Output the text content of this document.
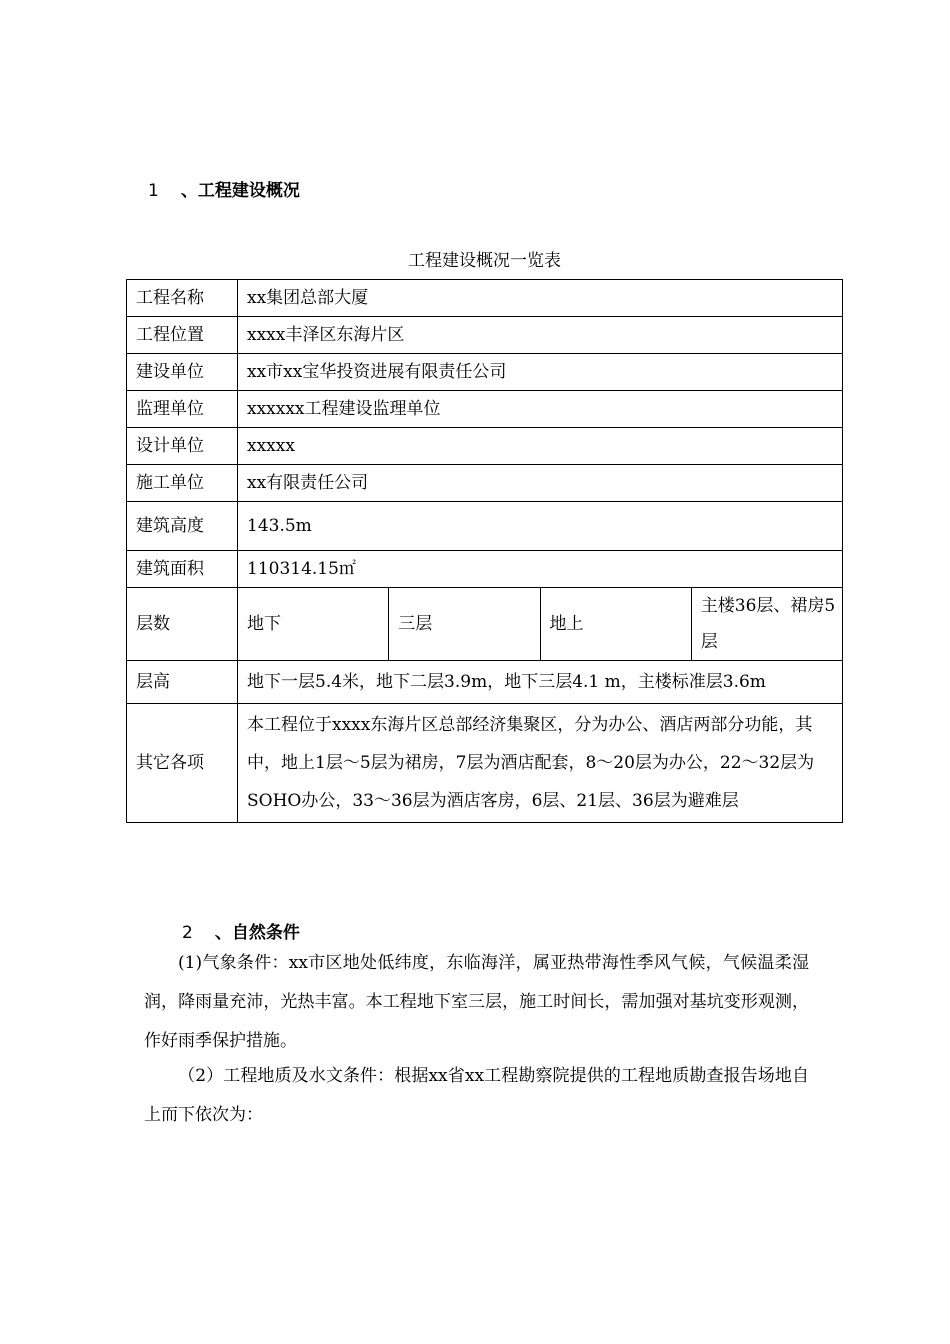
1 、工程建设概况
工程建设概况一览表
工程名称	xx集团总部大厦			
工程位置	xxxx丰泽区东海片区			
建设单位	xx市xx宝华投资进展有限责任公司			
监理单位	xxxxxx工程建设监理单位			
设计单位	xxxxx			
施工单位	xx有限责任公司			
建筑高度	143.5m			
建筑面积	110314.15㎡			
层数	地下	三层	地上	主楼36层、裙房5层
层高	地下一层5.4米，地下二层3.9m，地下三层4.1 m，主楼标准层3.6m			
其它各项	本工程位于xxxx东海片区总部经济集聚区，分为办公、酒店两部分功能，其中，地上1层～5层为裙房，7层为酒店配套，8～20层为办公，22～32层为SOHO办公，33～36层为酒店客房，6层、21层、36层为避难层			
2 、自然条件
(1)气象条件：xx市区地处低纬度，东临海洋，属亚热带海性季风气候，气候温柔湿润，降雨量充沛，光热丰富。本工程地下室三层，施工时间长，需加强对基坑变形观测，作好雨季保护措施。
（2）工程地质及水文条件：根据xx省xx工程勘察院提供的工程地质勘查报告场地自上而下依次为：
